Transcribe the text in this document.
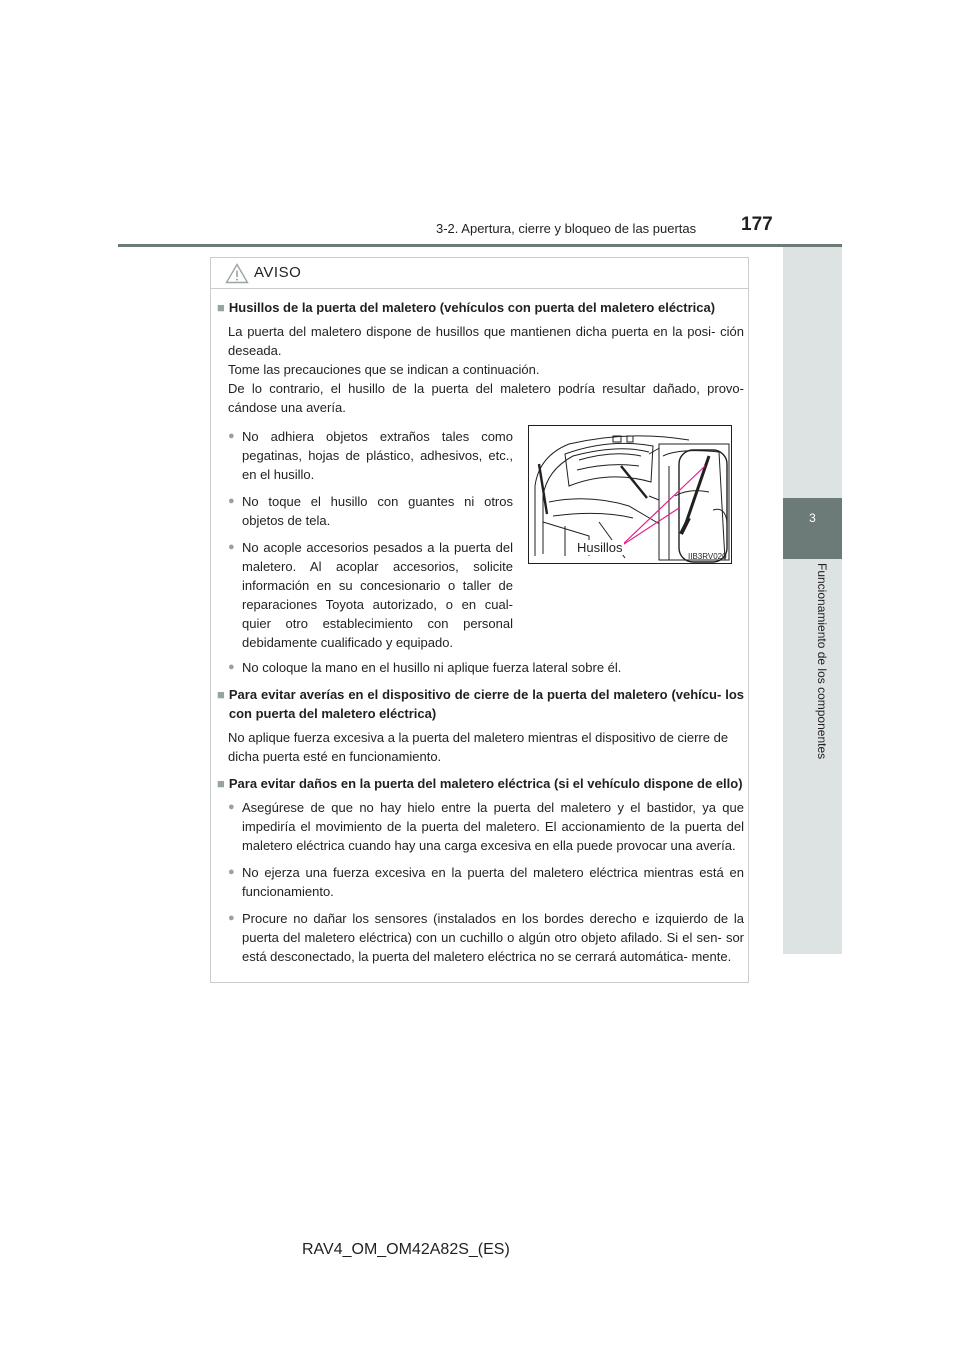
3-2. Apertura, cierre y bloqueo de las puertas 177
3
Funcionamiento de los componentes
AVISO

■ Husillos de la puerta del maletero (vehículos con puerta del maletero eléctrica)

La puerta del maletero dispone de husillos que mantienen dicha puerta en la posi- ción deseada.

Tome las precauciones que se indican a continuación.

De lo contrario, el husillo de la puerta del maletero podría resultar dañado, provo- cándose una avería.

● No adhiera objetos extraños tales como pegatinas, hojas de plástico, adhesivos, etc., en el husillo.
● No toque el husillo con guantes ni otros objetos de tela.
● No acople accesorios pesados a la puerta del maletero. Al acoplar accesorios, solicite información en su concesionario o taller de reparaciones Toyota autorizado, o en cual- quier otro establecimiento con personal debidamente cualificado y equipado.
● No coloque la mano en el husillo ni aplique fuerza lateral sobre él.

■ Para evitar averías en el dispositivo de cierre de la puerta del maletero (vehícu- los con puerta del maletero eléctrica)

No aplique fuerza excesiva a la puerta del maletero mientras el dispositivo de cierre de dicha puerta esté en funcionamiento.

■ Para evitar daños en la puerta del maletero eléctrica (si el vehículo dispone de ello)

● Asegúrese de que no hay hielo entre la puerta del maletero y el bastidor, ya que impediría el movimiento de la puerta del maletero. El accionamiento de la puerta del maletero eléctrica cuando hay una carga excesiva en ella puede provocar una avería.
● No ejerza una fuerza excesiva en la puerta del maletero eléctrica mientras está en funcionamiento.
● Procure no dañar los sensores (instalados en los bordes derecho e izquierdo de la puerta del maletero eléctrica) con un cuchillo o algún otro objeto afilado. Si el sen- sor está desconectado, la puerta del maletero eléctrica no se cerrará automática- mente.
Husillos
IIB3RV020
RAV4_OM_OM42A82S_(ES)
